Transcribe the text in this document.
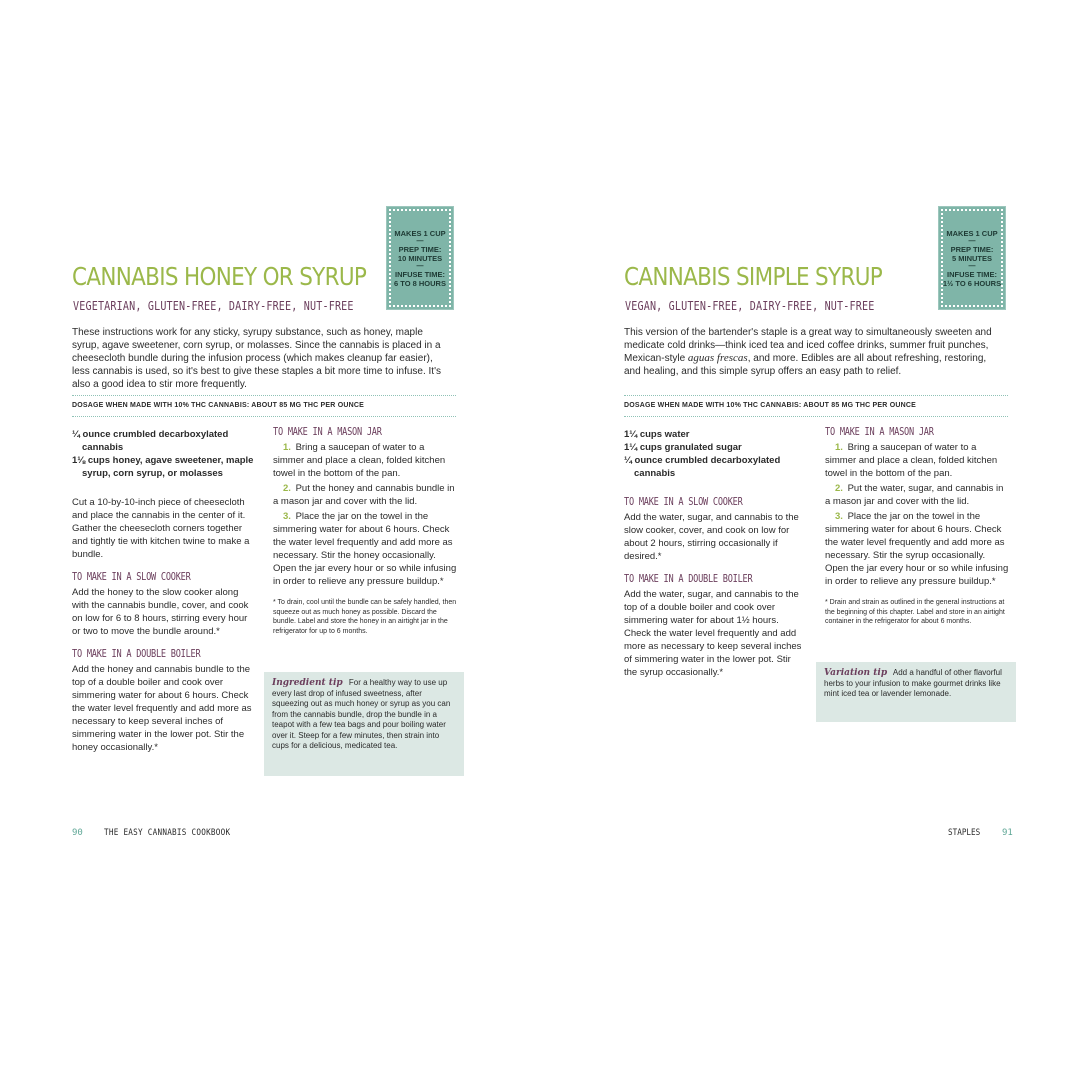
MAKES 1 CUP
—
PREP TIME:
10 MINUTES
—
INFUSE TIME:
6 TO 8 HOURS
CANNABIS HONEY OR SYRUP
VEGETARIAN, GLUTEN-FREE, DAIRY-FREE, NUT-FREE
These instructions work for any sticky, syrupy substance, such as honey, maple syrup, agave sweetener, corn syrup, or molasses. Since the cannabis is placed in a cheesecloth bundle during the infusion process (which makes cleanup far easier), less cannabis is used, so it's best to give these staples a bit more time to infuse. It's also a good idea to stir more frequently.
DOSAGE WHEN MADE WITH 10% THC CANNABIS: ABOUT 85 MG THC PER OUNCE
¼ ounce crumbled decarboxylated cannabis
1⅛ cups honey, agave sweetener, maple syrup, corn syrup, or molasses

Cut a 10-by-10-inch piece of cheesecloth and place the cannabis in the center of it. Gather the cheesecloth corners together and tightly tie with kitchen twine to make a bundle.

TO MAKE IN A SLOW COOKER

Add the honey to the slow cooker along with the cannabis bundle, cover, and cook on low for 6 to 8 hours, stirring every hour or two to move the bundle around.*

TO MAKE IN A DOUBLE BOILER

Add the honey and cannabis bundle to the top of a double boiler and cook over simmering water for about 6 hours. Check the water level frequently and add more as necessary to keep several inches of simmering water in the lower pot. Stir the honey occasionally.*

TO MAKE IN A MASON JAR
1. Bring a saucepan of water to a simmer and place a clean, folded kitchen towel in the bottom of the pan.
2. Put the honey and cannabis bundle in a mason jar and cover with the lid.
3. Place the jar on the towel in the simmering water for about 6 hours. Check the water level frequently and add more as necessary. Stir the honey occasionally. Open the jar every hour or so while infusing in order to relieve any pressure buildup.*
* To drain, cool until the bundle can be safely handled, then squeeze out as much honey as possible. Discard the bundle. Label and store the honey in an airtight jar in the refrigerator for up to 6 months.
Ingredient tip For a healthy way to use up every last drop of infused sweetness, after squeezing out as much honey or syrup as you can from the cannabis bundle, drop the bundle in a teapot with a few tea bags and pour boiling water over it. Steep for a few minutes, then strain into cups for a delicious, medicated tea.
90 THE EASY CANNABIS COOKBOOK
MAKES 1 CUP
—
PREP TIME:
5 MINUTES
—
INFUSE TIME:
1½ TO 6 HOURS
CANNABIS SIMPLE SYRUP
VEGAN, GLUTEN-FREE, DAIRY-FREE, NUT-FREE
This version of the bartender's staple is a great way to simultaneously sweeten and medicate cold drinks—think iced tea and iced coffee drinks, summer fruit punches, Mexican-style aguas frescas, and more. Edibles are all about refreshing, restoring, and healing, and this simple syrup offers an easy path to relief.
DOSAGE WHEN MADE WITH 10% THC CANNABIS: ABOUT 85 MG THC PER OUNCE
1¼ cups water
1¼ cups granulated sugar
¼ ounce crumbled decarboxylated cannabis
TO MAKE IN A SLOW COOKER

Add the water, sugar, and cannabis to the slow cooker, cover, and cook on low for about 2 hours, stirring occasionally if desired.*

TO MAKE IN A DOUBLE BOILER

Add the water, sugar, and cannabis to the top of a double boiler and cook over simmering water for about 1½ hours. Check the water level frequently and add more as necessary to keep several inches of simmering water in the lower pot. Stir the syrup occasionally.*

TO MAKE IN A MASON JAR
1. Bring a saucepan of water to a simmer and place a clean, folded kitchen towel in the bottom of the pan.
2. Put the water, sugar, and cannabis in a mason jar and cover with the lid.
3. Place the jar on the towel in the simmering water for about 6 hours. Check the water level frequently and add more as necessary. Stir the syrup occasionally. Open the jar every hour or so while infusing in order to relieve any pressure buildup.*
* Drain and strain as outlined in the general instructions at the beginning of this chapter. Label and store in an airtight container in the refrigerator for about 6 months.
Variation tip Add a handful of other flavorful herbs to your infusion to make gourmet drinks like mint iced tea or lavender lemonade.
STAPLES 91
